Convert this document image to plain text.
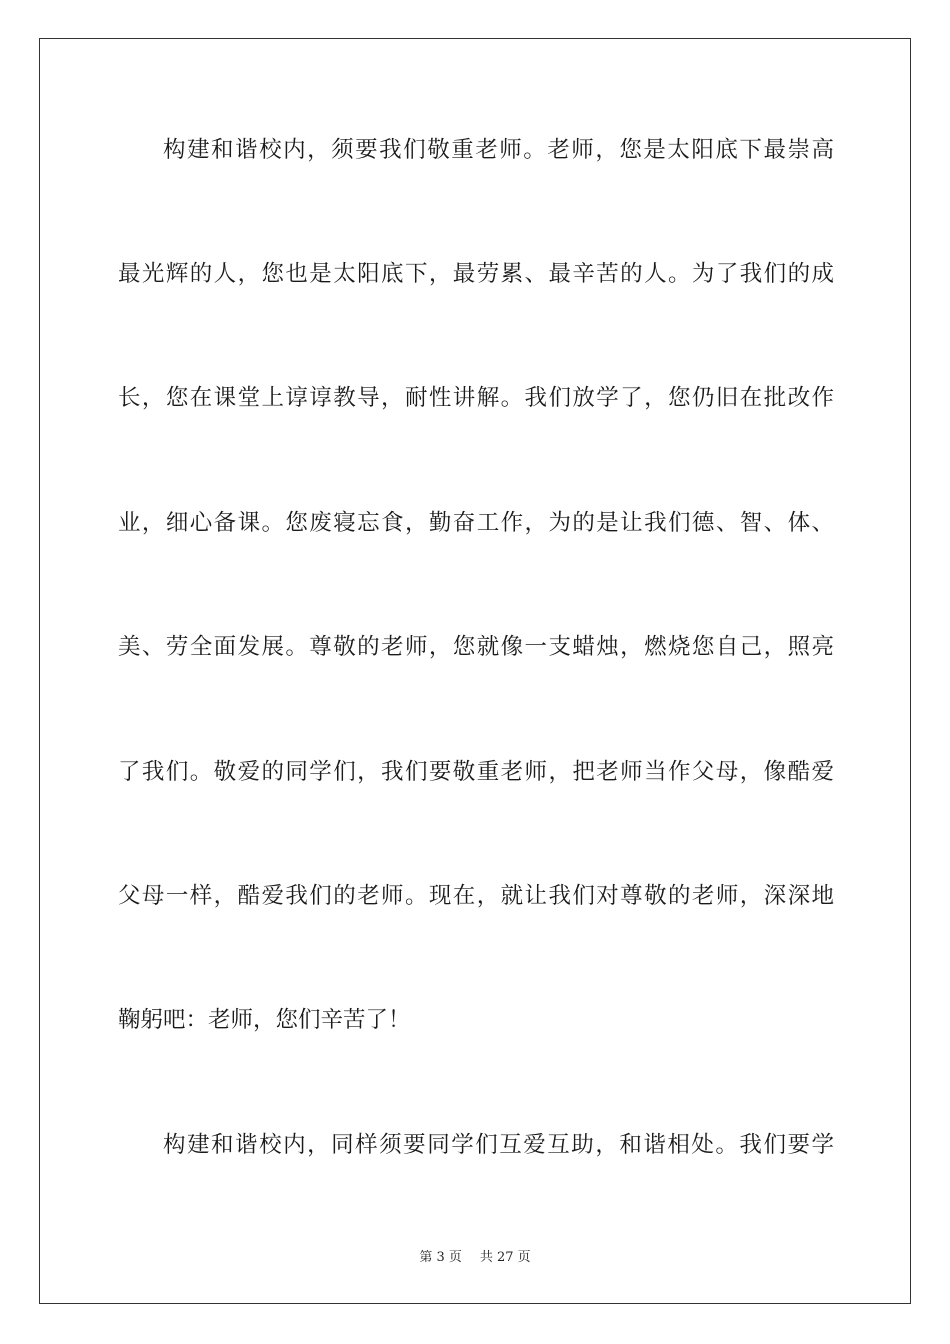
构建和谐校内，须要我们敬重老师。老师，您是太阳底下最崇高
最光辉的人，您也是太阳底下，最劳累、最辛苦的人。为了我们的成
长，您在课堂上谆谆教导，耐性讲解。我们放学了，您仍旧在批改作
业，细心备课。您废寝忘食，勤奋工作，为的是让我们德、智、体、
美、劳全面发展。尊敬的老师，您就像一支蜡烛，燃烧您自己，照亮
了我们。敬爱的同学们，我们要敬重老师，把老师当作父母，像酷爱
父母一样，酷爱我们的老师。现在，就让我们对尊敬的老师，深深地
鞠躬吧：老师，您们辛苦了！
构建和谐校内，同样须要同学们互爱互助，和谐相处。我们要学
第 3 页 共 27 页
